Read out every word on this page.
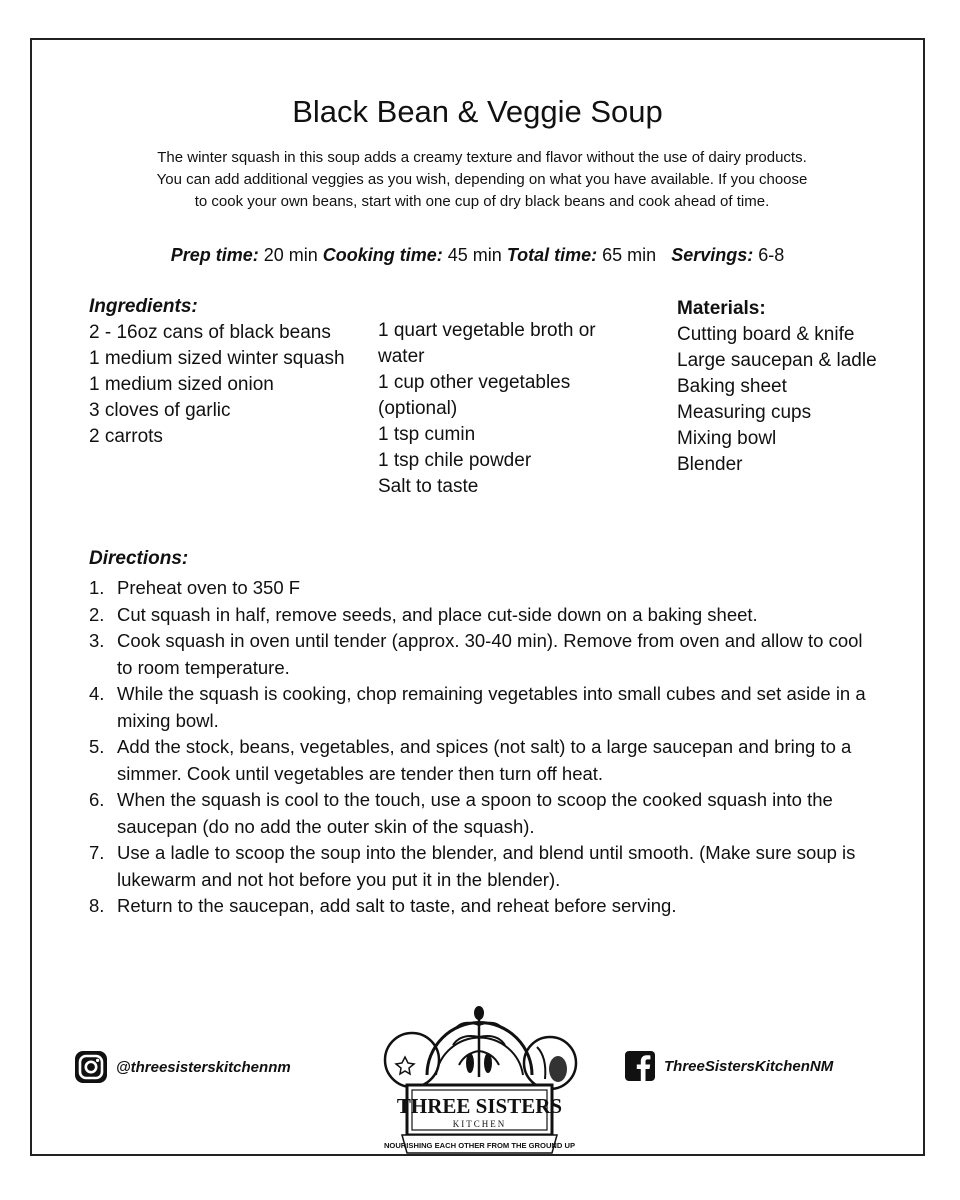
Black Bean & Veggie Soup
The winter squash in this soup adds a creamy texture and flavor without the use of dairy products.
You can add additional veggies as you wish, depending on what you have available. If you choose
to cook your own beans, start with one cup of dry black beans and cook ahead of time.
Prep time: 20 min Cooking time: 45 min Total time: 65 min   Servings: 6-8
Ingredients:
2 - 16oz cans of black beans
1 medium sized winter squash
1 medium sized onion
3 cloves of garlic
2 carrots
1 quart vegetable broth or water
1 cup other vegetables (optional)
1 tsp cumin
1 tsp chile powder
Salt to taste
Materials:
Cutting board & knife
Large saucepan & ladle
Baking sheet
Measuring cups
Mixing bowl
Blender
Directions:
1. Preheat oven to 350 F
2. Cut squash in half, remove seeds, and place cut-side down on a baking sheet.
3. Cook squash in oven until tender (approx. 30-40 min). Remove from oven and allow to cool to room temperature.
4. While the squash is cooking, chop remaining vegetables into small cubes and set aside in a mixing bowl.
5. Add the stock, beans, vegetables, and spices (not salt) to a large saucepan and bring to a simmer. Cook until vegetables are tender then turn off heat.
6. When the squash is cool to the touch, use a spoon to scoop the cooked squash into the saucepan (do no add the outer skin of the squash).
7. Use a ladle to scoop the soup into the blender, and blend until smooth. (Make sure soup is lukewarm and not hot before you put it in the blender).
8. Return to the saucepan, add salt to taste, and reheat before serving.
@threesisterskitchennm	ThreeSistersKitchenNM
THREE SISTERS
KITCHEN
NOURISHING EACH OTHER FROM THE GROUND UP
